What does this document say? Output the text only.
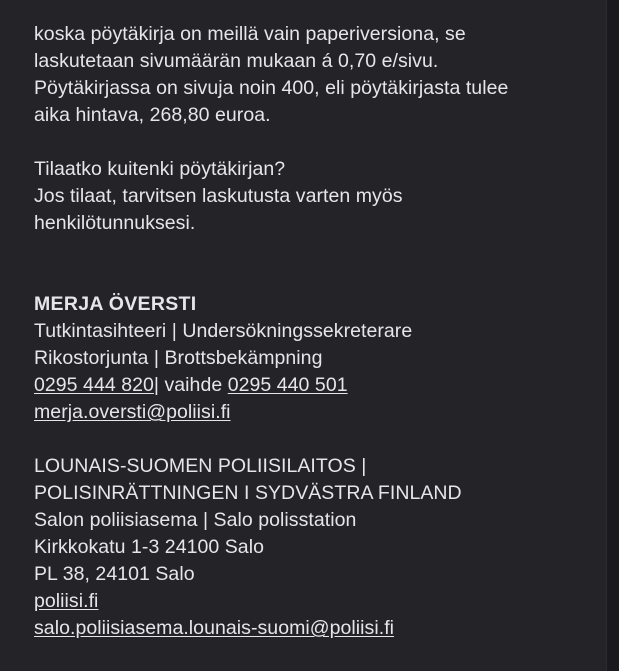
koska pöytäkirja on meillä vain paperiversiona, se
laskutetaan sivumäärän mukaan á 0,70 e/sivu.
Pöytäkirjassa on sivuja noin 400, eli pöytäkirjasta tulee
aika hintava, 268,80 euroa.
Tilaatko kuitenki pöytäkirjan?
Jos tilaat, tarvitsen laskutusta varten myös
henkilötunnuksesi.
MERJA ÖVERSTI
Tutkintasihteeri | Undersökningssekreterare
Rikostorjunta | Brottsbekämpning
0295 444 820| vaihde 0295 440 501
merja.oversti@poliisi.fi
LOUNAIS-SUOMEN POLIISILAITOS |
POLISINRÄTTNINGEN I SYDVÄSTRA FINLAND
Salon poliisiasema | Salo polisstation
Kirkkokatu 1-3 24100 Salo
PL 38, 24101 Salo
poliisi.fi
salo.poliisiasema.lounais-suomi@poliisi.fi
